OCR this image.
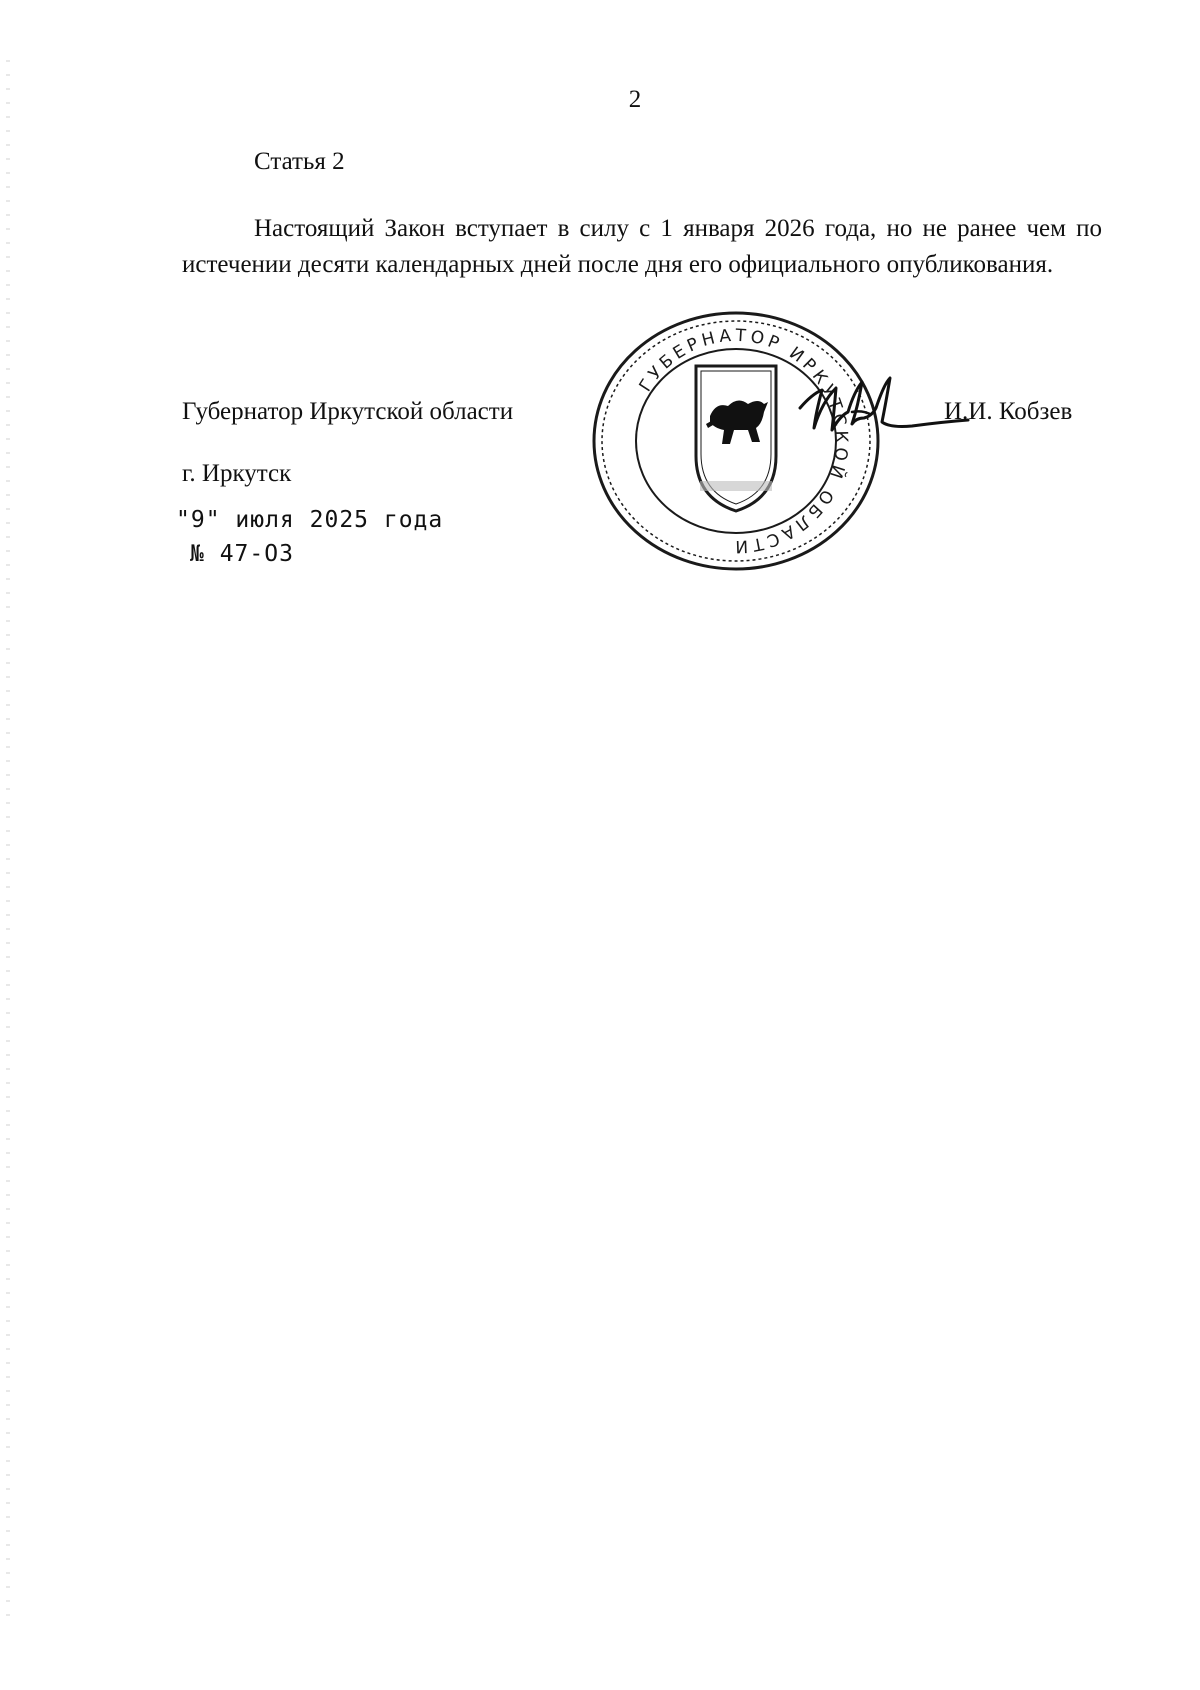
2
Статья 2
Настоящий Закон вступает в силу с 1 января 2026 года, но не ранее чем по истечении десяти календарных дней после дня его официального опубликования.
Губернатор Иркутской области
ГУБЕРНАТОР ИРКУТСКОЙ ОБЛАСТИ
И.И. Кобзев
г. Иркутск
"9" июля 2025 года
№ 47-ОЗ
